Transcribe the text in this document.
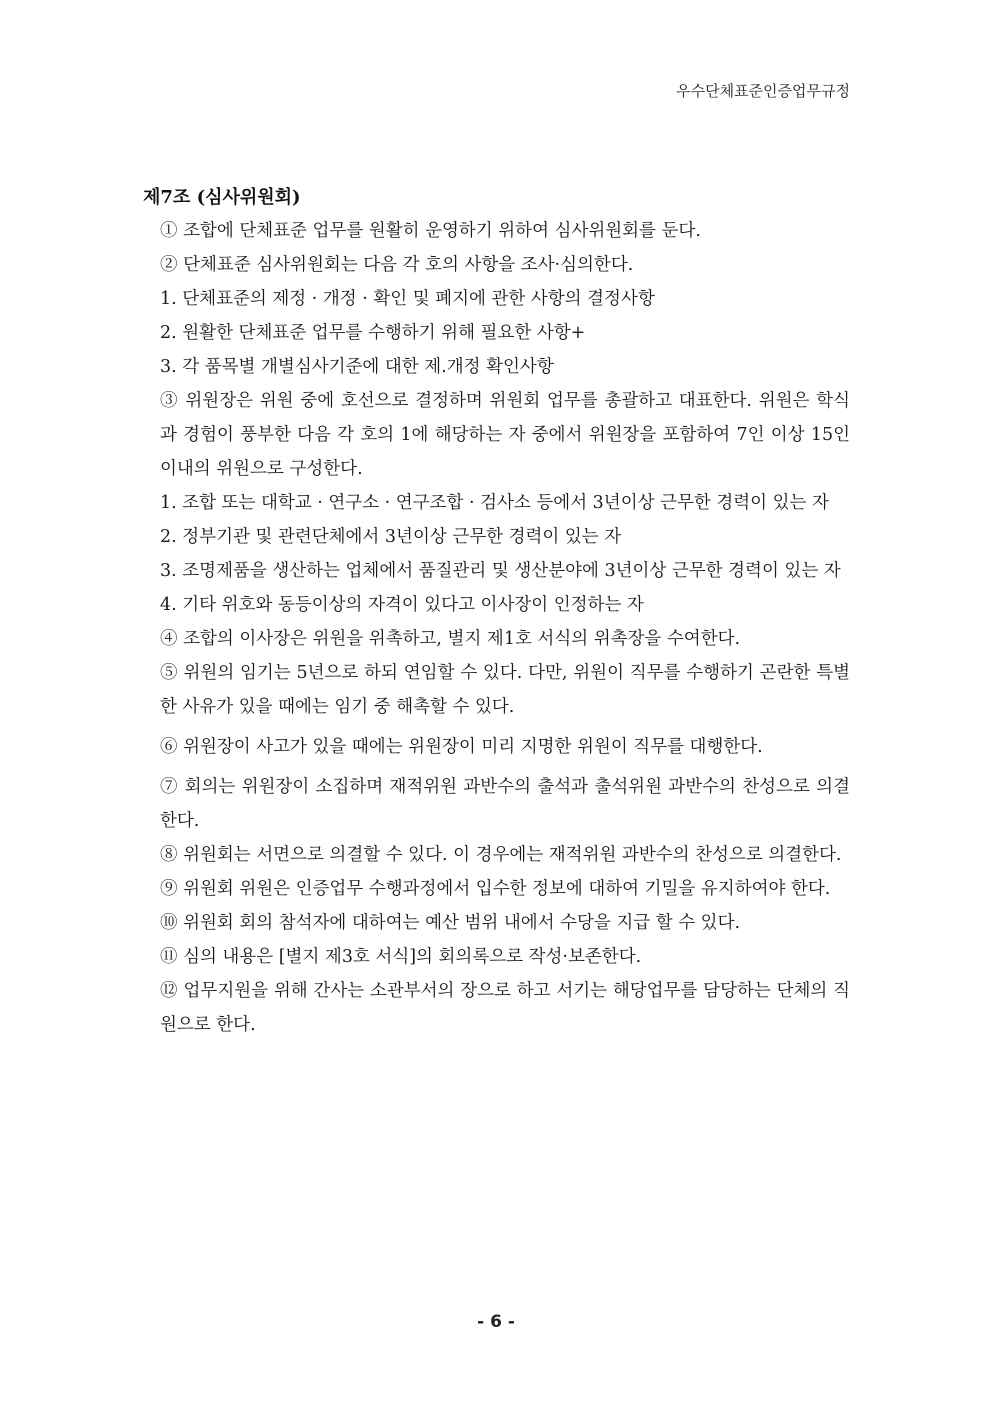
우수단체표준인증업무규정
제7조 (심사위원회)
① 조합에 단체표준 업무를 원활히 운영하기 위하여 심사위원회를 둔다.
② 단체표준 심사위원회는 다음 각 호의 사항을 조사·심의한다.
1. 단체표준의 제정 · 개정 · 확인 및 폐지에 관한 사항의 결정사항
2. 원활한 단체표준 업무를 수행하기 위해 필요한 사항+
3. 각 품목별 개별심사기준에 대한 제.개정 확인사항
③ 위원장은 위원 중에 호선으로 결정하며 위원회 업무를 총괄하고 대표한다. 위원은 학식과 경험이 풍부한 다음 각 호의 1에 해당하는 자 중에서 위원장을 포함하여 7인 이상 15인 이내의 위원으로 구성한다.
1. 조합 또는 대학교 · 연구소 · 연구조합 · 검사소 등에서 3년이상 근무한 경력이 있는 자
2. 정부기관 및 관련단체에서 3년이상 근무한 경력이 있는 자
3. 조명제품을 생산하는 업체에서 품질관리 및 생산분야에 3년이상 근무한 경력이 있는 자
4. 기타 위호와 동등이상의 자격이 있다고 이사장이 인정하는 자
④ 조합의 이사장은 위원을 위촉하고, 별지 제1호 서식의 위촉장을 수여한다.
⑤ 위원의 임기는 5년으로 하되 연임할 수 있다. 다만, 위원이 직무를 수행하기 곤란한 특별한 사유가 있을 때에는 임기 중 해촉할 수 있다.
⑥ 위원장이 사고가 있을 때에는 위원장이 미리 지명한 위원이 직무를 대행한다.
⑦ 회의는 위원장이 소집하며 재적위원 과반수의 출석과 출석위원 과반수의 찬성으로 의결한다.
⑧ 위원회는 서면으로 의결할 수 있다. 이 경우에는 재적위원 과반수의 찬성으로 의결한다.
⑨ 위원회 위원은 인증업무 수행과정에서 입수한 정보에 대하여 기밀을 유지하여야 한다.
⑩ 위원회 회의 참석자에 대하여는 예산 범위 내에서 수당을 지급 할 수 있다.
⑪ 심의 내용은 [별지 제3호 서식]의 회의록으로 작성·보존한다.
⑫ 업무지원을 위해 간사는 소관부서의 장으로 하고 서기는 해당업무를 담당하는 단체의 직원으로 한다.
- 6 -
